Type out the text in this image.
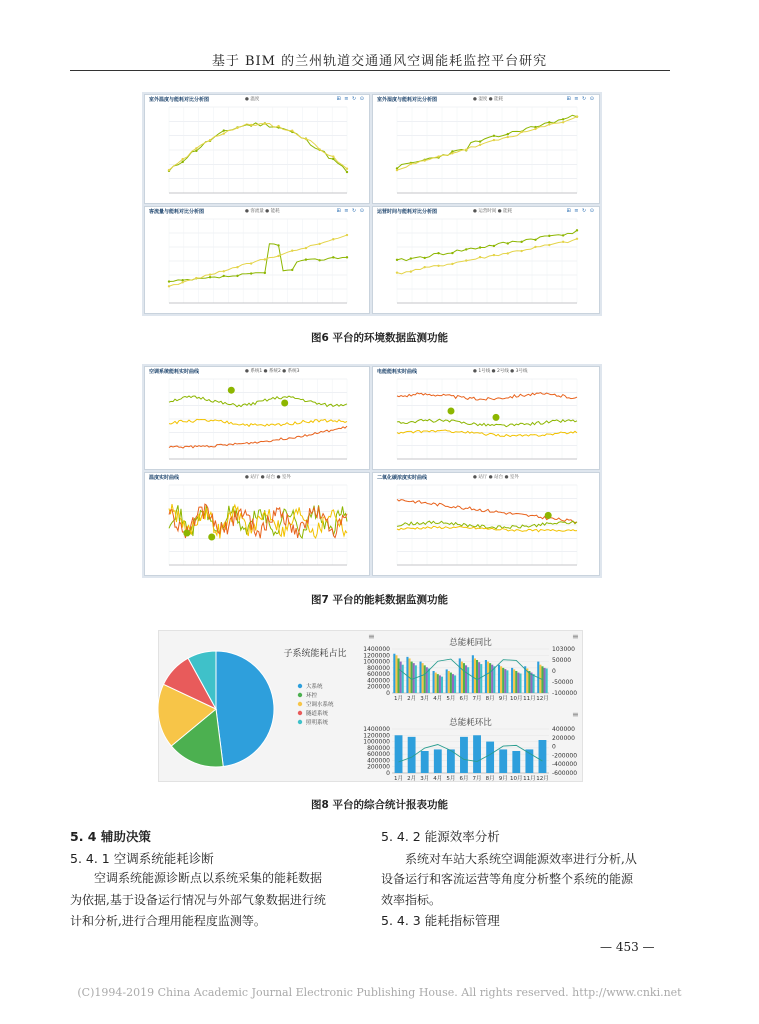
基于 BIM 的兰州轨道交通通风空调能耗监控平台研究
室外温度与能耗对比分析图	● 温度	⊞ ≡ ↻ ⊙ 室外湿度与能耗对比分析图	● 湿度 ● 能耗	⊞ ≡ ↻ ⊙
客流量与能耗对比分析图	● 客流量 ● 能耗	⊞ ≡ ↻ ⊙ 运营时间与能耗对比分析图	● 运营时间 ● 能耗	⊞ ≡ ↻ ⊙
图6 平台的环境数据监测功能
空调系统能耗实时曲线	● 系统1 ● 系统2 ● 系统3	电能能耗实时曲线	● 1号线 ● 2号线 ● 3号线
温度实时曲线	● 站厅 ● 站台 ● 室外	二氧化碳浓度实时曲线	● 站厅 ● 站台 ● 室外
图7 平台的能耗数据监测功能
子系统能耗占比
大系统
环控
空调水系统
隧道系统
照明系统
总能耗同比
1400000
1200000
1000000
800000
600000
400000
200000
0
103000
50000
0
-50000
-100000
1月 2月 3月 4月 5月 6月 7月 8月 9月 10月 11月 12月
总能耗环比
1400000
1200000
1000000
800000
600000
400000
200000
0
400000
200000
0
-200000
-400000
-600000
1月 2月 3月 4月 5月 6月 7月 8月 9月 10月 11月 12月
≡	≡
≡
图8 平台的综合统计报表功能
5. 4 辅助决策
5. 4. 1 空调系统能耗诊断
空调系统能源诊断点以系统采集的能耗数据
为依据,基于设备运行情况与外部气象数据进行统
计和分析,进行合理用能程度监测等。
5. 4. 2 能源效率分析
系统对车站大系统空调能源效率进行分析,从
设备运行和客流运营等角度分析整个系统的能源
效率指标。
5. 4. 3 能耗指标管理
— 453 —
(C)1994-2019 China Academic Journal Electronic Publishing House. All rights reserved. http://www.cnki.net
